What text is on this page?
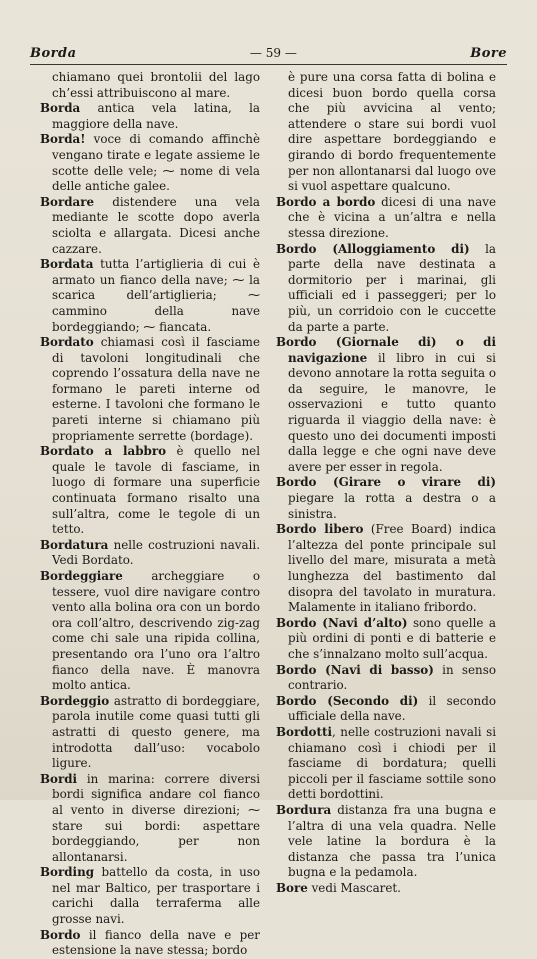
Borda	— 59 —	Bore
chiamano quei brontolii del lago ch’essi attribuiscono al mare.
Borda antica vela latina, la maggiore della nave.
Borda! voce di comando affinchè vengano tirate e legate assieme le scotte delle vele; ⁓ nome di vela delle antiche galee.
Bordare distendere una vela mediante le scotte dopo averla sciolta e allargata. Dicesi anche cazzare.
Bordata tutta l’artiglieria di cui è armato un fianco della nave; ⁓ la scarica dell’artiglieria; ⁓ cammino della nave bordeggiando; ⁓ fiancata.
Bordato chiamasi così il fasciame di tavoloni longitudinali che coprendo l’ossatura della nave ne formano le pareti interne od esterne. I tavoloni che formano le pareti interne si chiamano più propriamente serrette (bordage).
Bordato a labbro è quello nel quale le tavole di fasciame, in luogo di formare una superficie continuata formano risalto una sull’altra, come le tegole di un tetto.
Bordatura nelle costruzioni navali. Vedi Bordato.
Bordeggiare archeggiare o tessere, vuol dire navigare contro vento alla bolina ora con un bordo ora coll’altro, descrivendo zig-zag come chi sale una ripida collina, presentando ora l’uno ora l’altro fianco della nave. È manovra molto antica.
Bordeggio astratto di bordeggiare, parola inutile come quasi tutti gli astratti di questo genere, ma introdotta dall’uso: vocabolo ligure.
Bordi in marina: correre diversi bordi significa andare col fianco al vento in diverse direzioni; ⁓ stare sui bordi: aspettare bordeggiando, per non allontanarsi.
Bording battello da costa, in uso nel mar Baltico, per trasportare i carichi dalla terraferma alle grosse navi.
Bordo il fianco della nave e per estensione la nave stessa; bordo
è pure una corsa fatta di bolina e dicesi buon bordo quella corsa che più avvicina al vento; attendere o stare sui bordi vuol dire aspettare bordeggiando e girando di bordo frequentemente per non allontanarsi dal luogo ove si vuol aspettare qualcuno.
Bordo a bordo dicesi di una nave che è vicina a un’altra e nella stessa direzione.
Bordo (Alloggiamento di) la parte della nave destinata a dormitorio per i marinai, gli ufficiali ed i passeggeri; per lo più, un corridoio con le cuccette da parte a parte.
Bordo (Giornale di) o di navigazione il libro in cui si devono annotare la rotta seguita o da seguire, le manovre, le osservazioni e tutto quanto riguarda il viaggio della nave: è questo uno dei documenti imposti dalla legge e che ogni nave deve avere per esser in regola.
Bordo (Girare o virare di) piegare la rotta a destra o a sinistra.
Bordo libero (Free Board) indica l’altezza del ponte principale sul livello del mare, misurata a metà lunghezza del bastimento dal disopra del tavolato in muratura. Malamente in italiano fribordo.
Bordo (Navi d’alto) sono quelle a più ordini di ponti e di batterie e che s’innalzano molto sull’acqua.
Bordo (Navi di basso) in senso contrario.
Bordo (Secondo di) il secondo ufficiale della nave.
Bordotti, nelle costruzioni navali si chiamano così i chiodi per il fasciame di bordatura; quelli piccoli per il fasciame sottile sono detti bordottini.
Bordura distanza fra una bugna e l’altra di una vela quadra. Nelle vele latine la bordura è la distanza che passa tra l’unica bugna e la pedamola.
Bore vedi Mascaret.
